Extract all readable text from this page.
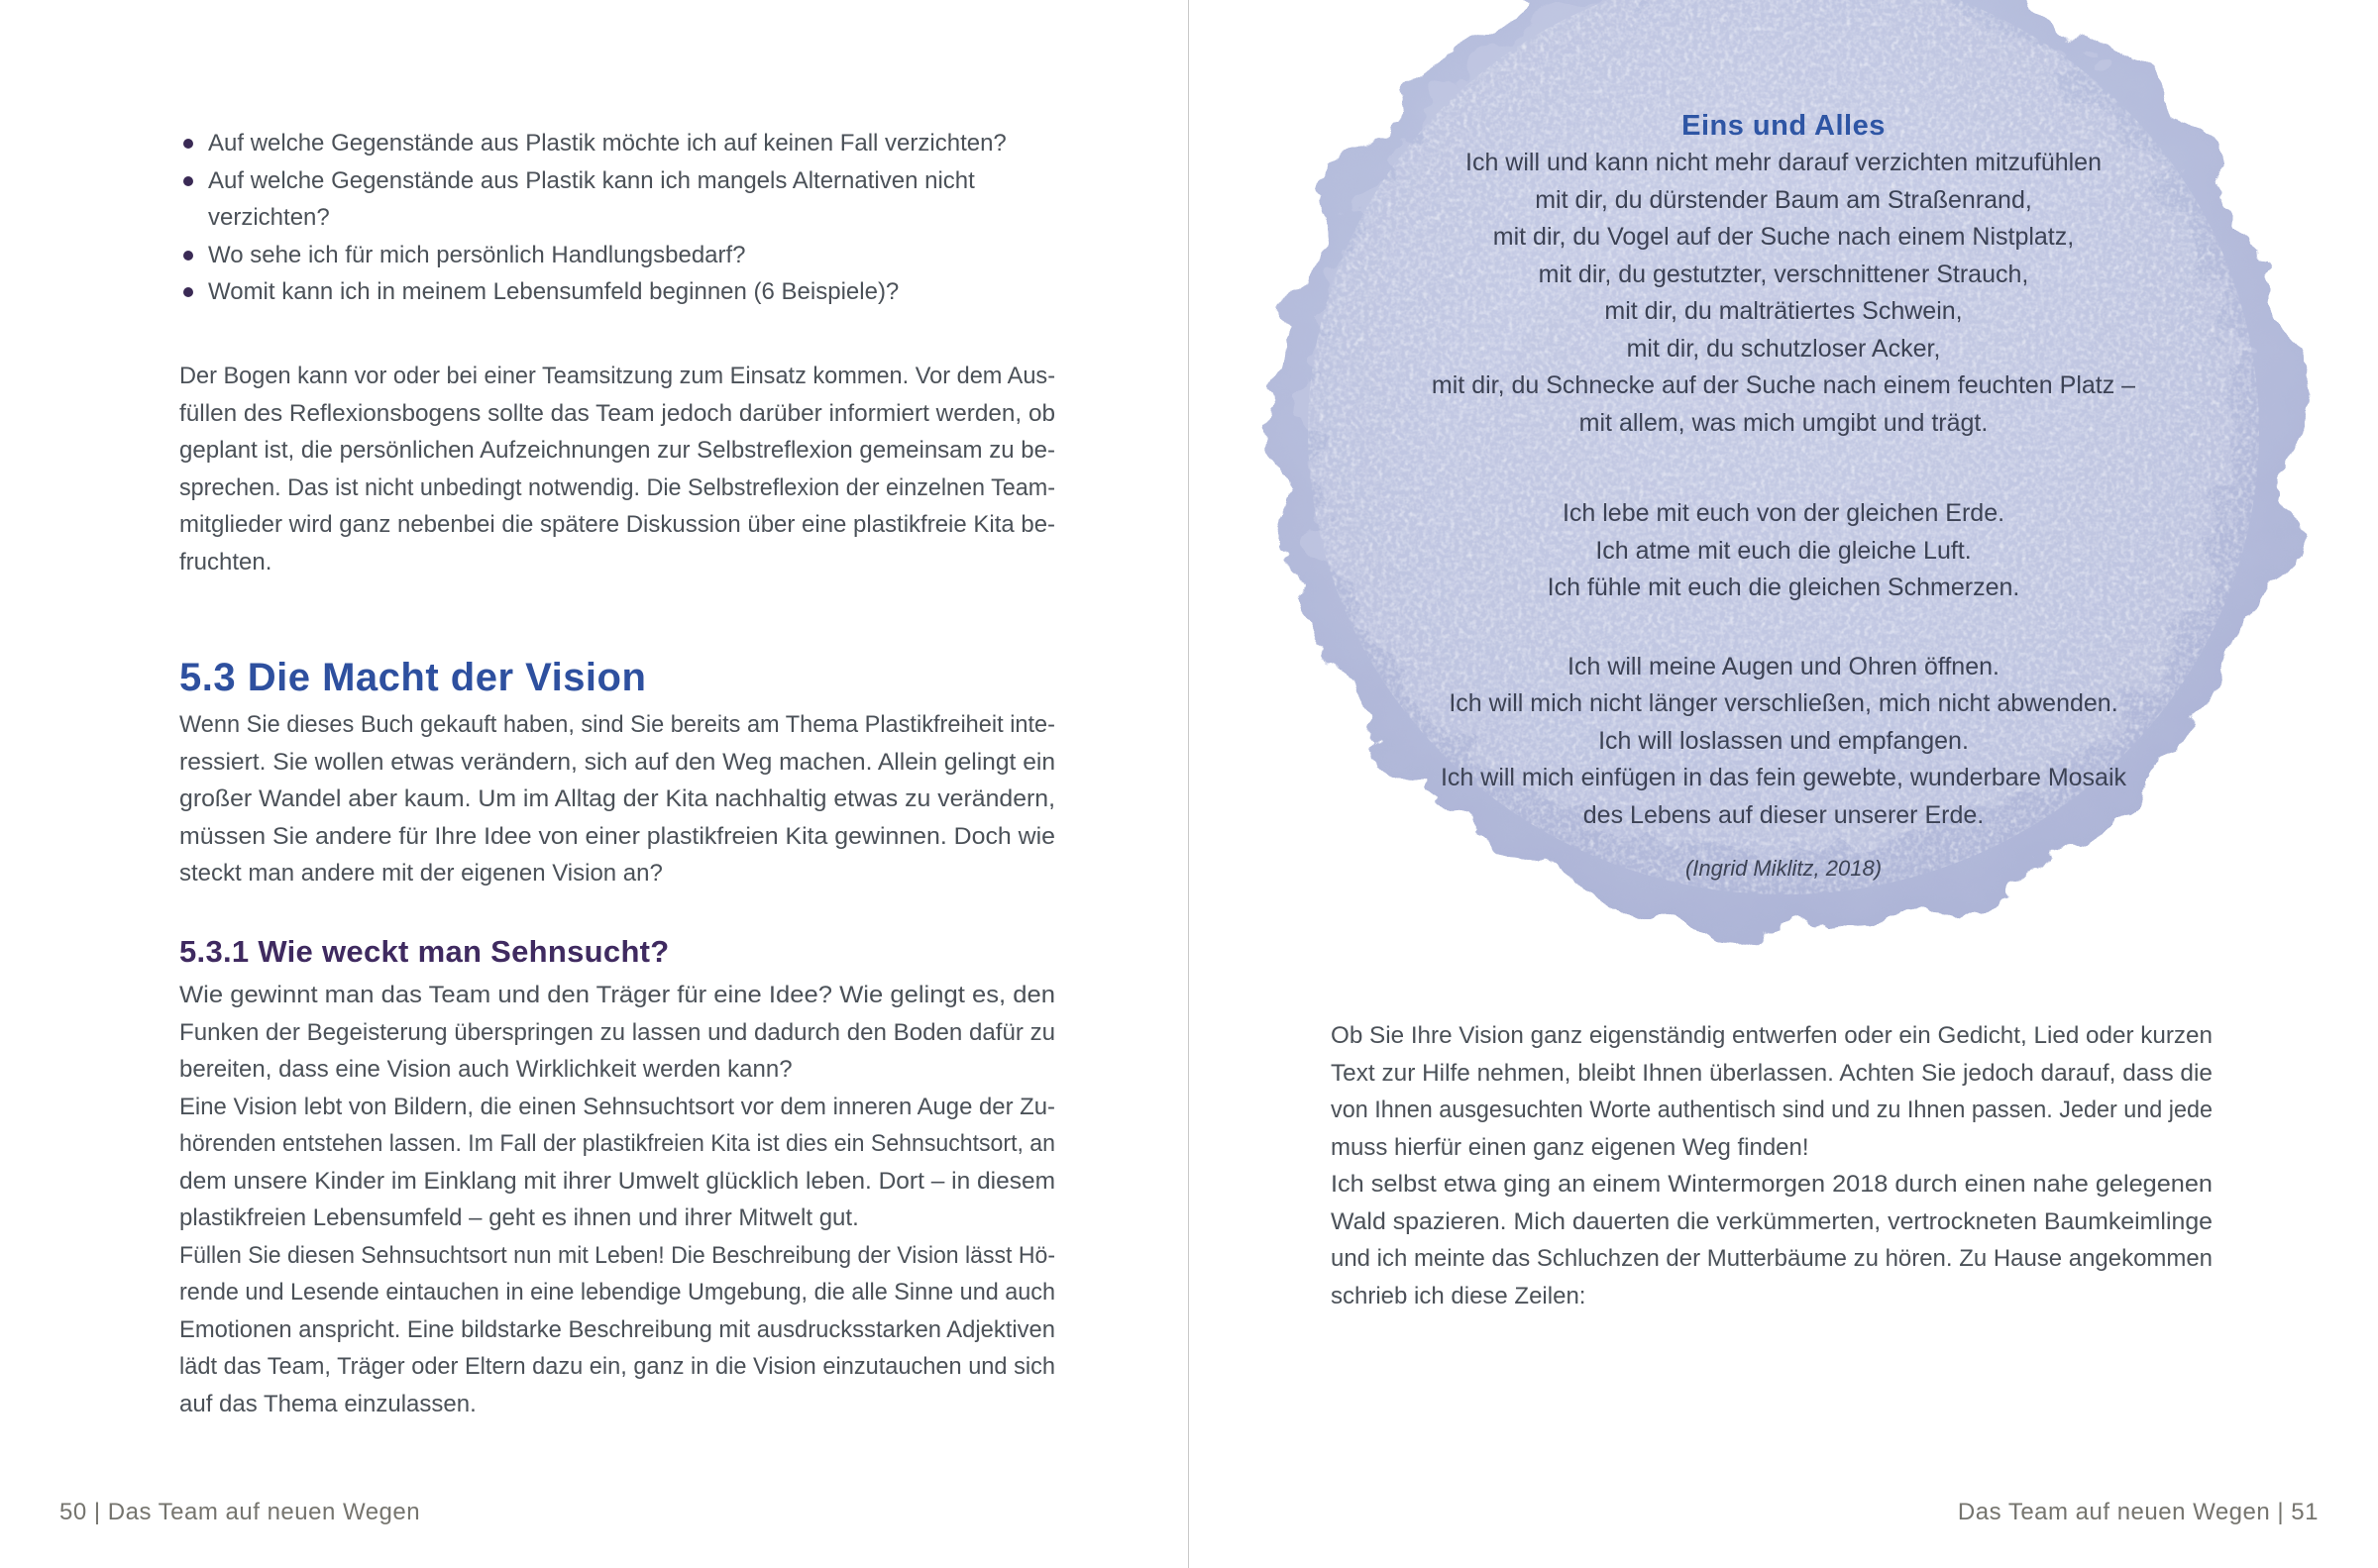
Auf welche Gegenstände aus Plastik möchte ich auf keinen Fall verzichten?
Auf welche Gegenstände aus Plastik kann ich mangels Alternativen nicht
verzichten?
Wo sehe ich für mich persönlich Handlungsbedarf?
Womit kann ich in meinem Lebensumfeld beginnen (6 Beispiele)?
Der Bogen kann vor oder bei einer Teamsitzung zum Einsatz kommen. Vor dem Aus-
füllen des Reflexionsbogens sollte das Team jedoch darüber informiert werden, ob
geplant ist, die persönlichen Aufzeichnungen zur Selbstreflexion gemeinsam zu be-
sprechen. Das ist nicht unbedingt notwendig. Die Selbstreflexion der einzelnen Team-
mitglieder wird ganz nebenbei die spätere Diskussion über eine plastikfreie Kita be-
fruchten.
5.3 Die Macht der Vision
Wenn Sie dieses Buch gekauft haben, sind Sie bereits am Thema Plastikfreiheit inte-
ressiert. Sie wollen etwas verändern, sich auf den Weg machen. Allein gelingt ein
großer Wandel aber kaum. Um im Alltag der Kita nachhaltig etwas zu verändern,
müssen Sie andere für Ihre Idee von einer plastikfreien Kita gewinnen. Doch wie
steckt man andere mit der eigenen Vision an?
5.3.1 Wie weckt man Sehnsucht?
Wie gewinnt man das Team und den Träger für eine Idee? Wie gelingt es, den
Funken der Begeisterung überspringen zu lassen und dadurch den Boden dafür zu
bereiten, dass eine Vision auch Wirklichkeit werden kann?
Eine Vision lebt von Bildern, die einen Sehnsuchtsort vor dem inneren Auge der Zu-
hörenden entstehen lassen. Im Fall der plastikfreien Kita ist dies ein Sehnsuchtsort, an
dem unsere Kinder im Einklang mit ihrer Umwelt glücklich leben. Dort – in diesem
plastikfreien Lebensumfeld – geht es ihnen und ihrer Mitwelt gut.
Füllen Sie diesen Sehnsuchtsort nun mit Leben! Die Beschreibung der Vision lässt Hö-
rende und Lesende eintauchen in eine lebendige Umgebung, die alle Sinne und auch
Emotionen anspricht. Eine bildstarke Beschreibung mit ausdrucksstarken Adjektiven
lädt das Team, Träger oder Eltern dazu ein, ganz in die Vision einzutauchen und sich
auf das Thema einzulassen.
50 | Das Team auf neuen Wegen
Eins und Alles
Ich will und kann nicht mehr darauf verzichten mitzufühlen
mit dir, du dürstender Baum am Straßenrand,
mit dir, du Vogel auf der Suche nach einem Nistplatz,
mit dir, du gestutzter, verschnittener Strauch,
mit dir, du malträtiertes Schwein,
mit dir, du schutzloser Acker,
mit dir, du Schnecke auf der Suche nach einem feuchten Platz –
mit allem, was mich umgibt und trägt.
Ich lebe mit euch von der gleichen Erde.
Ich atme mit euch die gleiche Luft.
Ich fühle mit euch die gleichen Schmerzen.
Ich will meine Augen und Ohren öffnen.
Ich will mich nicht länger verschließen, mich nicht abwenden.
Ich will loslassen und empfangen.
Ich will mich einfügen in das fein gewebte, wunderbare Mosaik
des Lebens auf dieser unserer Erde.
(Ingrid Miklitz, 2018)
Ob Sie Ihre Vision ganz eigenständig entwerfen oder ein Gedicht, Lied oder kurzen
Text zur Hilfe nehmen, bleibt Ihnen überlassen. Achten Sie jedoch darauf, dass die
von Ihnen ausgesuchten Worte authentisch sind und zu Ihnen passen. Jeder und jede
muss hierfür einen ganz eigenen Weg finden!
Ich selbst etwa ging an einem Wintermorgen 2018 durch einen nahe gelegenen
Wald spazieren. Mich dauerten die verkümmerten, vertrockneten Baumkeimlinge
und ich meinte das Schluchzen der Mutterbäume zu hören. Zu Hause angekommen
schrieb ich diese Zeilen:
Das Team auf neuen Wegen | 51
